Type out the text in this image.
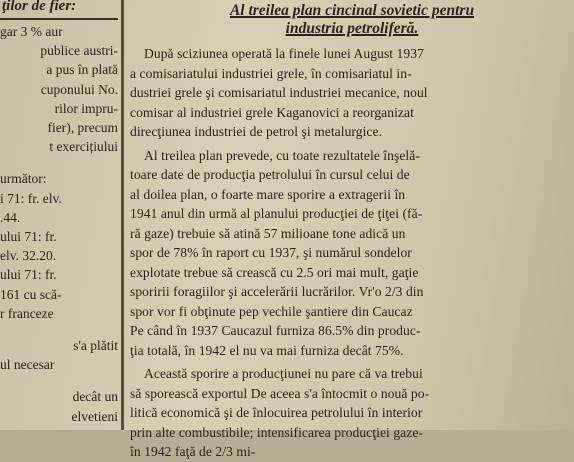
ţilor de fier:
gar 3 % aur
publice austri-
a pus în plată
cuponului No.
rilor impru-
fier), precum
t exercițiului
următor:
i 71: fr. elv.
.44.
ului 71: fr.
elv. 32.20.
ului 71: fr.
161 cu scă-
r franceze
s'a plătit
ul necesar
decât un
elvetieni
Al treilea plan cincinal sovietic pentru
industria petroliferă.
După sciziunea operată la finele lunei August 1937
a comisariatului industriei grele, în comisariatul in-
dustriei grele şi comisariatul industriei mecanice, noul
comisar al industriei grele Kaganovici a reorganizat
direcţiunea industriei de petrol şi metalurgice.
Al treilea plan prevede, cu toate rezultatele înşelă-
toare date de producţia petrolului în cursul celui de
al doilea plan, o foarte mare sporire a extragerii în
1941 anul din urmă al planului producţiei de ţiţei (fă-
ră gaze) trebuie să atină 57 milioane tone adică un
spor de 78% în raport cu 1937, şi numărul sondelor
explotate trebue să crească cu 2.5 ori mai mult, gaţie
sporirii foragiilor şi accelerării lucrărilor. Vr'o 2/3 din
spor vor fi obţinute pep vechile şantiere din Caucaz
Pe când în 1937 Caucazul furniza 86.5% din produc-
ţia totală, în 1942 el nu va mai furniza decât 75%.
Această sporire a producţiunei nu pare că va trebui
să sporească exportul De aceea s'a întocmit o nouă po-
litică economică şi de înlocuirea petrolului în interior
prin alte combustibile; intensificarea producţiei gaze-
în 1942 faţă de 2/3 mi-
